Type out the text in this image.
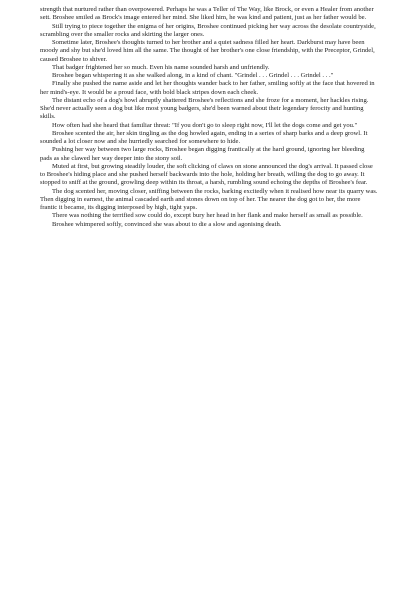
strength that nurtured rather than overpowered. Perhaps he was a Teller of The Way, like Brock, or even a Healer from another sett. Broshee smiled as Brock's image entered her mind. She liked him, he was kind and patient, just as her father would be.

Still trying to piece together the enigma of her origins, Broshee continued picking her way across the desolate countryside, scrambling over the smaller rocks and skirting the larger ones.

Sometime later, Broshee's thoughts turned to her brother and a quiet sadness filled her heart. Darkburst may have been moody and shy but she'd loved him all the same. The thought of her brother's one close friendship, with the Preceptor, Grindel, caused Broshee to shiver.

That badger frightened her so much. Even his name sounded harsh and unfriendly.

Broshee began whispering it as she walked along, in a kind of chant. "Grindel . . . Grindel . . . Grindel . . ."

Finally she pushed the name aside and let her thoughts wander back to her father, smiling softly at the face that hovered in her mind's-eye. It would be a proud face, with bold black stripes down each cheek.

The distant echo of a dog's howl abruptly shattered Broshee's reflections and she froze for a moment, her hackles rising. She'd never actually seen a dog but like most young badgers, she'd been warned about their legendary ferocity and hunting skills.

How often had she heard that familiar threat: "If you don't go to sleep right now, I'll let the dogs come and get you."

Broshee scented the air, her skin tingling as the dog howled again, ending in a series of sharp barks and a deep growl. It sounded a lot closer now and she hurriedly searched for somewhere to hide.

Pushing her way between two large rocks, Broshee began digging frantically at the hard ground, ignoring her bleeding pads as she clawed her way deeper into the stony soil.

Muted at first, but growing steadily louder, the soft clicking of claws on stone announced the dog's arrival. It passed close to Broshee's hiding place and she pushed herself backwards into the hole, holding her breath, willing the dog to go away. It stopped to sniff at the ground, growling deep within its throat, a harsh, rumbling sound echoing the depths of Broshee's fear.

The dog scented her, moving closer, sniffing between the rocks, barking excitedly when it realised how near its quarry was. Then digging in earnest, the animal cascaded earth and stones down on top of her. The nearer the dog got to her, the more frantic it became, its digging interposed by high, tight yaps.

There was nothing the terrified sow could do, except bury her head in her flank and make herself as small as possible.

Broshee whimpered softly, convinced she was about to die a slow and agonising death.
